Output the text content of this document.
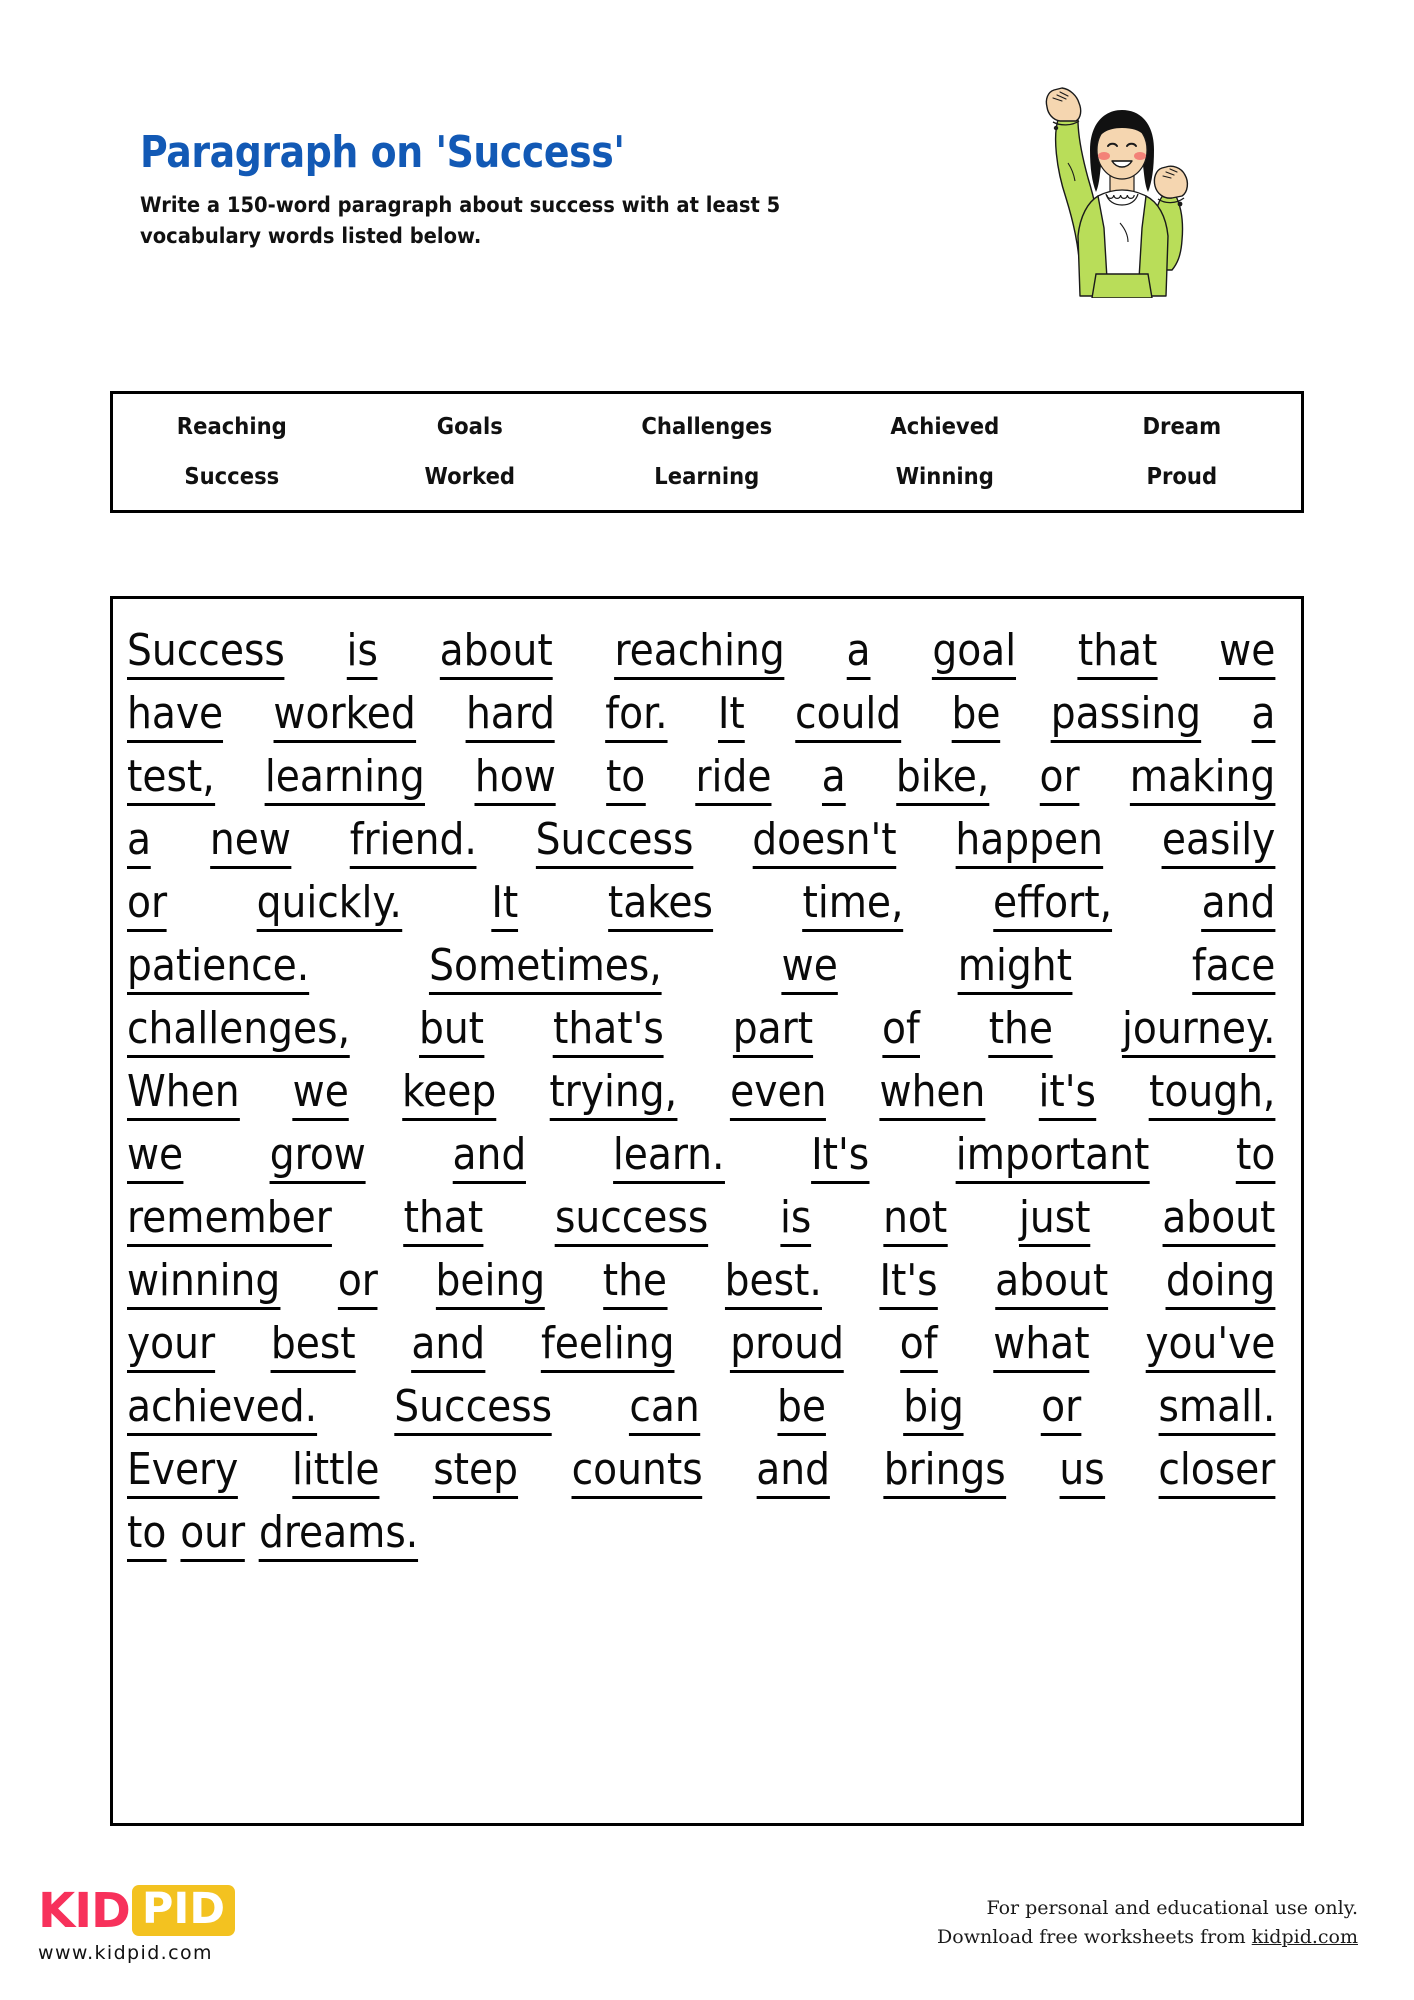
Paragraph on 'Success'

Write a 150-word paragraph about success with at least 5 vocabulary words listed below.

Reaching	Goals	Challenges	Achieved	Dream
Success	Worked	Learning	Winning	Proud
Success is about reaching a goal that we
have worked hard for. It could be passing a
test, learning how to ride a bike, or making
a new friend. Success doesn't happen easily
or quickly. It takes time, effort, and
patience.	Sometimes,	we	might	face
challenges, but that's part of the journey.
When we keep trying, even when it's tough,
we grow and learn. It's important to
remember that success is not just about
winning or being the best. It's about doing
your best and feeling proud of what you've
achieved. Success can be big or small.
Every little step counts and brings us closer
to our dreams.
KID PID
www.kidpid.com
For personal and educational use only.
Download free worksheets from kidpid.com
